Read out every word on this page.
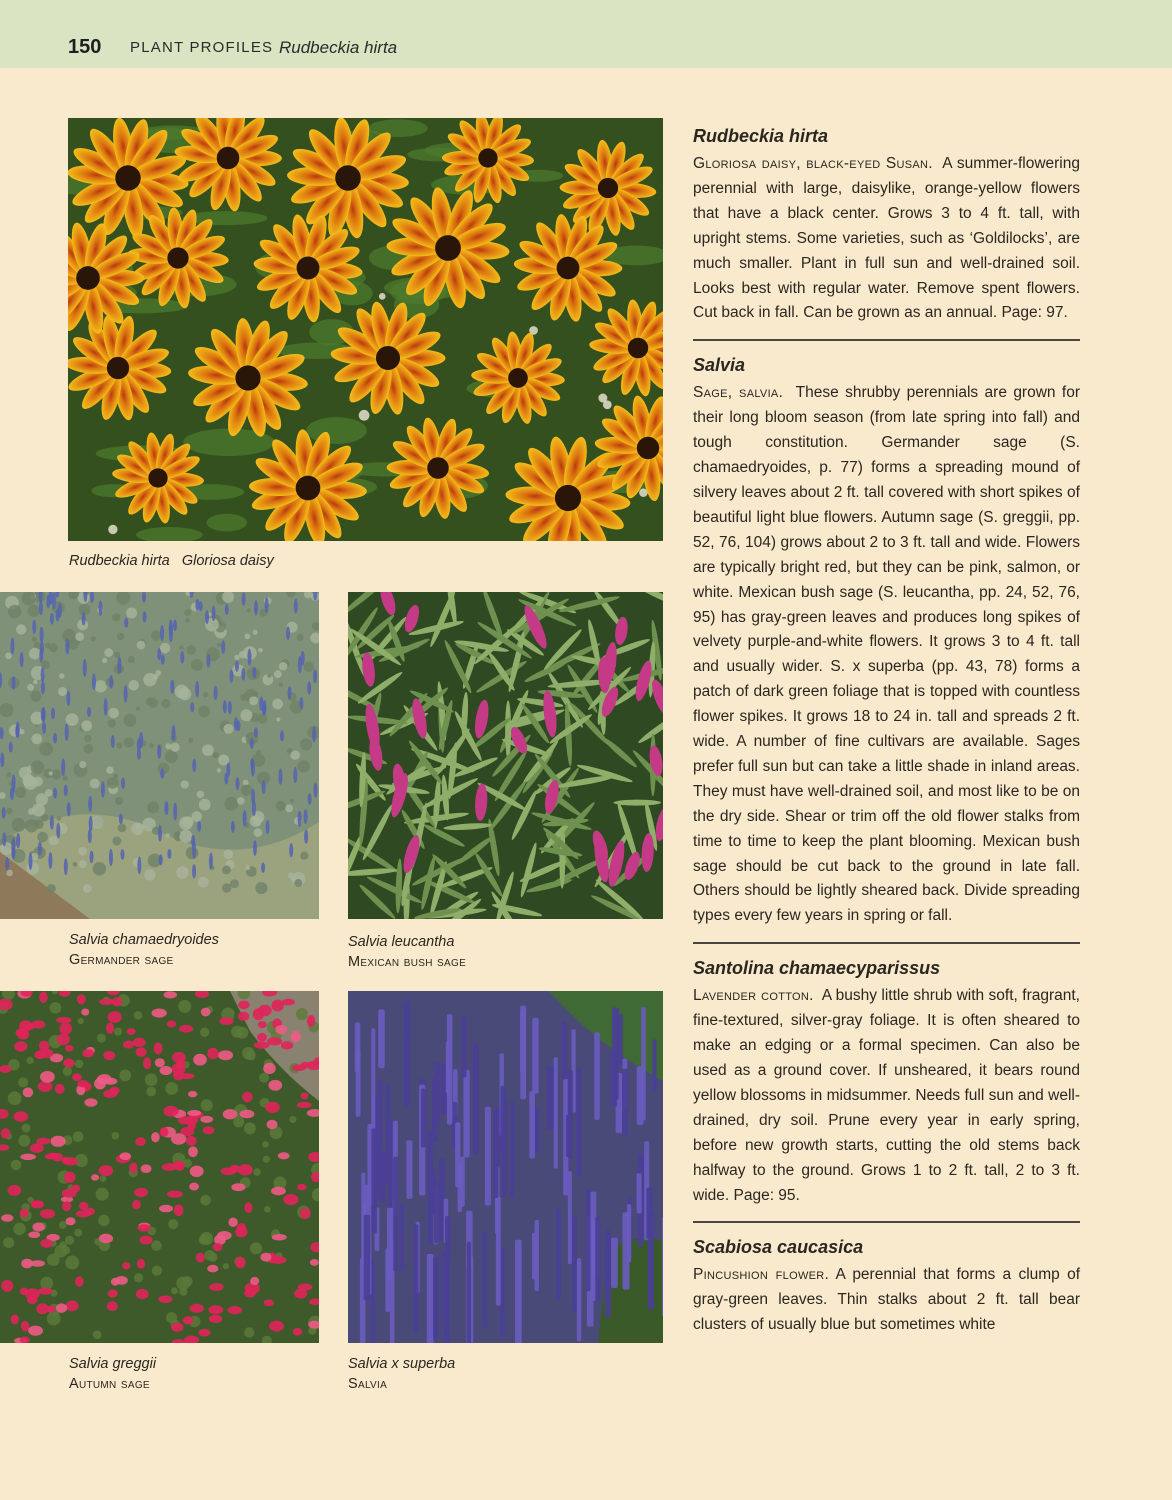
150 PLANT PROFILES Rudbeckia hirta
Rudbeckia hirta Gloriosa daisy
Salvia chamaedryoides
Germander sage
Salvia leucantha
Mexican bush sage
Salvia greggii
Autumn sage
Salvia x superba
Salvia
Rudbeckia hirta

Gloriosa daisy, black-eyed Susan. A summer-flowering perennial with large, daisylike, orange-yellow flowers that have a black center. Grows 3 to 4 ft. tall, with upright stems. Some varieties, such as ‘Goldilocks’, are much smaller. Plant in full sun and well-drained soil. Looks best with regular water. Remove spent flowers. Cut back in fall. Can be grown as an annual. Page: 97.

Salvia

Sage, salvia. These shrubby perennials are grown for their long bloom season (from late spring into fall) and tough constitution. Germander sage (S. chamaedryoides, p. 77) forms a spreading mound of silvery leaves about 2 ft. tall covered with short spikes of beautiful light blue flowers. Autumn sage (S. greggii, pp. 52, 76, 104) grows about 2 to 3 ft. tall and wide. Flowers are typically bright red, but they can be pink, salmon, or white. Mexican bush sage (S. leucantha, pp. 24, 52, 76, 95) has gray-green leaves and produces long spikes of velvety purple-and-white flowers. It grows 3 to 4 ft. tall and usually wider. S. x superba (pp. 43, 78) forms a patch of dark green foliage that is topped with countless flower spikes. It grows 18 to 24 in. tall and spreads 2 ft. wide. A number of fine cultivars are available. Sages prefer full sun but can take a little shade in inland areas. They must have well-drained soil, and most like to be on the dry side. Shear or trim off the old flower stalks from time to time to keep the plant blooming. Mexican bush sage should be cut back to the ground in late fall. Others should be lightly sheared back. Divide spreading types every few years in spring or fall.

Santolina chamaecyparissus

Lavender cotton. A bushy little shrub with soft, fragrant, fine-textured, silver-gray foliage. It is often sheared to make an edging or a formal specimen. Can also be used as a ground cover. If unsheared, it bears round yellow blossoms in midsummer. Needs full sun and well-drained, dry soil. Prune every year in early spring, before new growth starts, cutting the old stems back halfway to the ground. Grows 1 to 2 ft. tall, 2 to 3 ft. wide. Page: 95.

Scabiosa caucasica

Pincushion flower. A perennial that forms a clump of gray-green leaves. Thin stalks about 2 ft. tall bear clusters of usually blue but sometimes white
